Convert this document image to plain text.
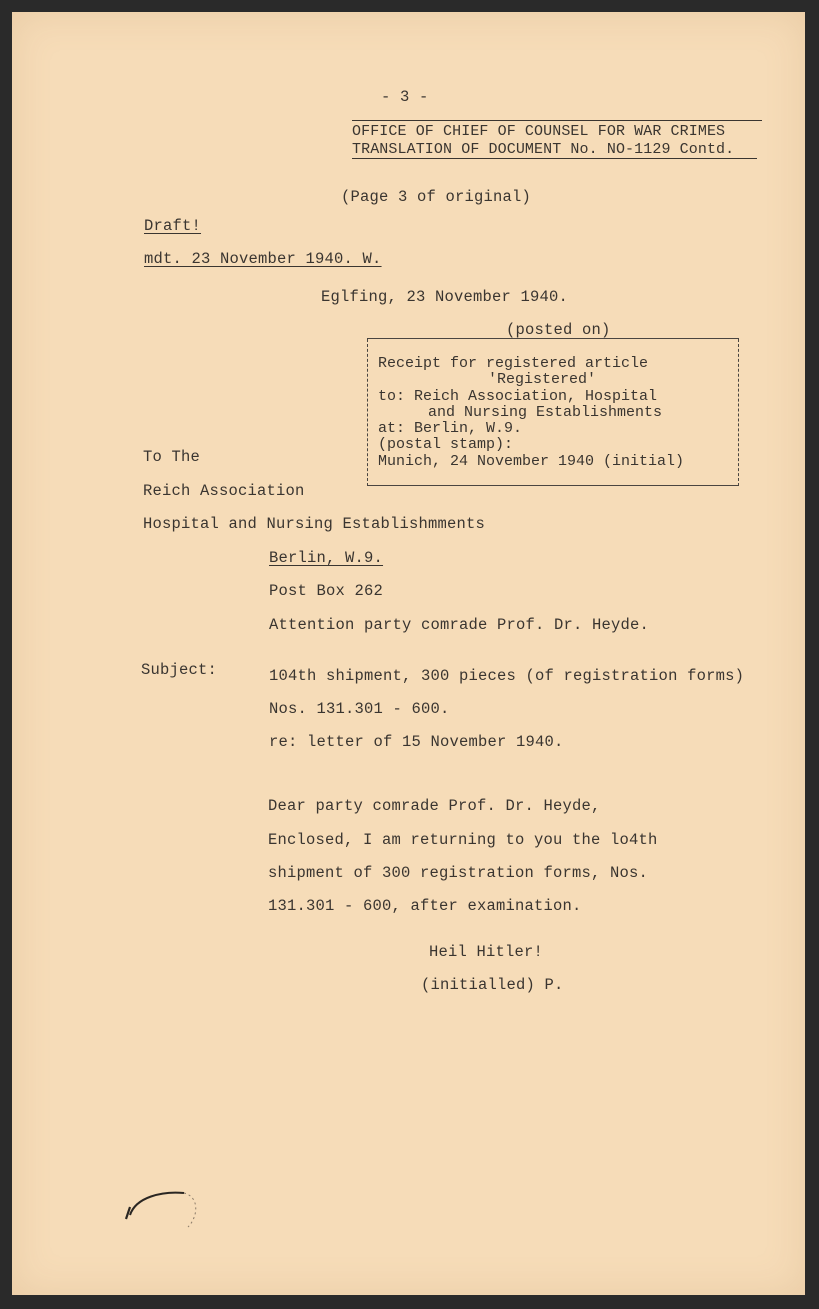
- 3 -
OFFICE OF CHIEF OF COUNSEL FOR WAR CRIMES
TRANSLATION OF DOCUMENT No. NO-1129 Contd.
(Page 3 of original)
Draft!
mdt. 23 November 1940. W.
Eglfing, 23 November 1940.
(posted on)
Receipt for registered article
'Registered'
to: Reich Association, Hospital
and Nursing Establishments
at: Berlin, W.9.
(postal stamp):
Munich, 24 November 1940 (initial)
To The
Reich Association
Hospital and Nursing Establishmments
Berlin, W.9.
Post Box 262
Attention party comrade Prof. Dr. Heyde.
Subject:	104th shipment, 300 pieces (of registration forms)
Nos. 131.301 - 600.
re: letter of 15 November 1940.
Dear party comrade Prof. Dr. Heyde,
Enclosed, I am returning to you the lo4th
shipment of 300 registration forms, Nos.
131.301 - 600, after examination.
Heil Hitler!
(initialled) P.
